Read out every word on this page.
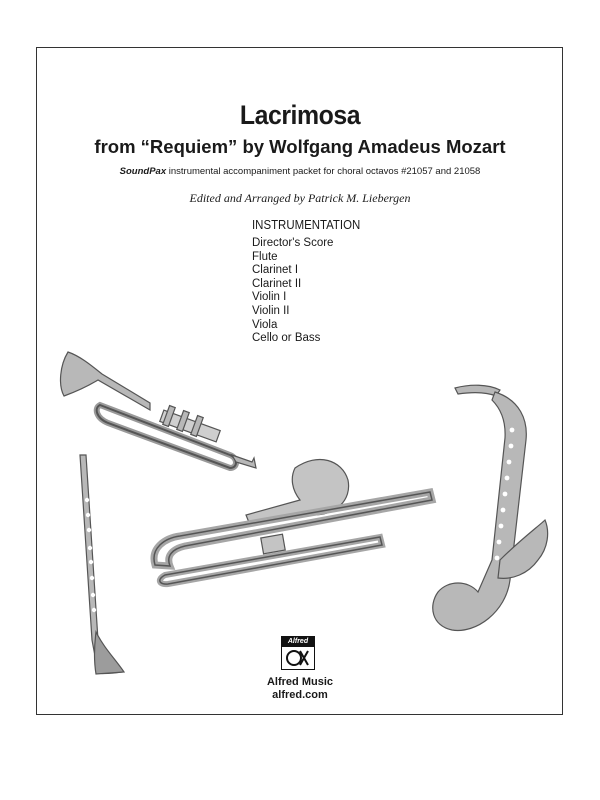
Lacrimosa
from “Requiem” by Wolfgang Amadeus Mozart
SoundPax instrumental accompaniment packet for choral octavos #21057 and 21058
Edited and Arranged by Patrick M. Liebergen
INSTRUMENTATION
Director's Score
Flute
Clarinet I
Clarinet II
Violin I
Violin II
Viola
Cello or Bass
Alfred
Alfred Music
alfred.com
